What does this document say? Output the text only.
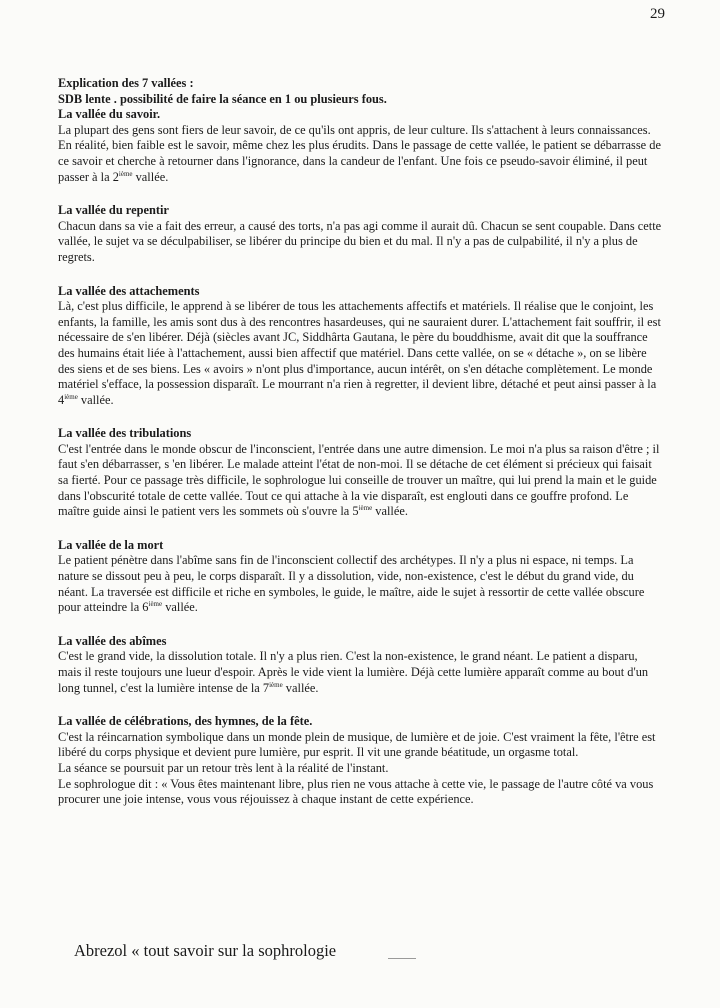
29

Explication des 7 vallées :

SDB lente . possibilité de faire la séance en 1 ou plusieurs fous.

La vallée du savoir.

La plupart des gens sont fiers de leur savoir, de ce qu'ils ont appris, de leur culture. Ils s'attachent à leurs connaissances. En réalité, bien faible est le savoir, même chez les plus érudits. Dans le passage de cette vallée, le patient se débarrasse de ce savoir et cherche à retourner dans l'ignorance, dans la candeur de l'enfant. Une fois ce pseudo-savoir éliminé, il peut passer à la 2ième vallée.

La vallée du repentir

Chacun dans sa vie a fait des erreur, a causé des torts, n'a pas agi comme il aurait dû. Chacun se sent coupable. Dans cette vallée, le sujet va se déculpabiliser, se libérer du principe du bien et du mal. Il n'y a pas de culpabilité, il n'y a plus de regrets.

La vallée des attachements

Là, c'est plus difficile, le apprend à se libérer de tous les attachements affectifs et matériels. Il réalise que le conjoint, les enfants, la famille, les amis sont dus à des rencontres hasardeuses, qui ne sauraient durer. L'attachement fait souffrir, il est nécessaire de s'en libérer. Déjà (siècles avant JC, Siddhârta Gautana, le père du bouddhisme, avait dit que la souffrance des humains était liée à l'attachement, aussi bien affectif que matériel. Dans cette vallée, on se « détache », on se libère des siens et de ses biens. Les « avoirs » n'ont plus d'importance, aucun intérêt, on s'en détache complètement. Le monde matériel s'efface, la possession disparaît. Le mourrant n'a rien à regretter, il devient libre, détaché et peut ainsi passer à la 4ième vallée.

La vallée des tribulations

C'est l'entrée dans le monde obscur de l'inconscient, l'entrée dans une autre dimension. Le moi n'a plus sa raison d'être ; il faut s'en débarrasser, s 'en libérer. Le malade atteint l'état de non-moi. Il se détache de cet élément si précieux qui faisait sa fierté. Pour ce passage très difficile, le sophrologue lui conseille de trouver un maître, qui lui prend la main et le guide dans l'obscurité totale de cette vallée. Tout ce qui attache à la vie disparaît, est englouti dans ce gouffre profond. Le maître guide ainsi le patient vers les sommets où s'ouvre la 5ième vallée.

La vallée de la mort

Le patient pénètre dans l'abîme sans fin de l'inconscient collectif des archétypes. Il n'y a plus ni espace, ni temps. La nature se dissout peu à peu, le corps disparaît. Il y a dissolution, vide, non-existence, c'est le début du grand vide, du néant. La traversée est difficile et riche en symboles, le guide, le maître, aide le sujet à ressortir de cette vallée obscure pour atteindre la 6ième vallée.

La vallée des abîmes

C'est le grand vide, la dissolution totale. Il n'y a plus rien. C'est la non-existence, le grand néant. Le patient a disparu, mais il reste toujours une lueur d'espoir. Après le vide vient la lumière. Déjà cette lumière apparaît comme au bout d'un long tunnel, c'est la lumière intense de la 7ième vallée.

La vallée de célébrations, des hymnes, de la fête.

C'est la réincarnation symbolique dans un monde plein de musique, de lumière et de joie. C'est vraiment la fête, l'être est libéré du corps physique et devient pure lumière, pur esprit. Il vit une grande béatitude, un orgasme total.

La séance se poursuit par un retour très lent à la réalité de l'instant.

Le sophrologue dit : « Vous êtes maintenant libre, plus rien ne vous attache à cette vie, le passage de l'autre côté va vous procurer une joie intense, vous vous réjouissez à chaque instant de cette expérience.

Abrezol « tout savoir sur la sophrologie
